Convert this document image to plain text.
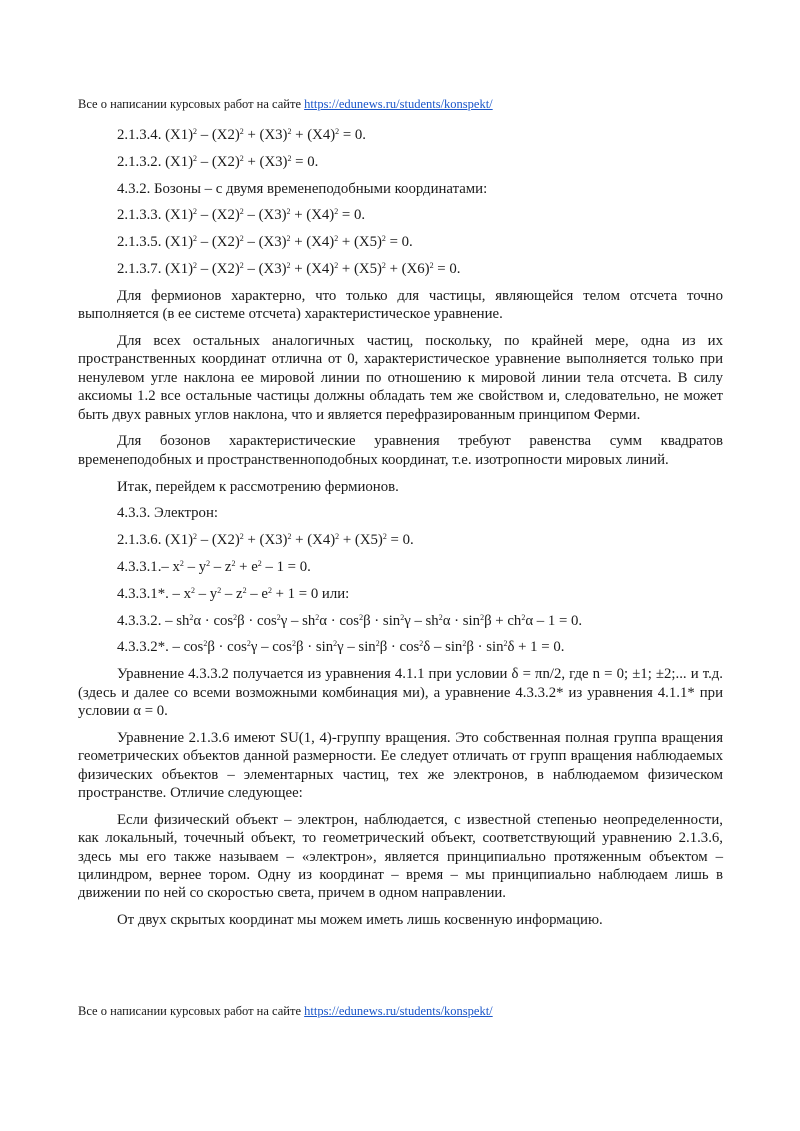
Все о написании курсовых работ на сайте https://edunews.ru/students/konspekt/
2.1.3.4. $(X1)^2 - (X2)^2 + (X3)^2 + (X4)^2 = 0$.
2.1.3.2. $(X1)^2 - (X2)^2 + (X3)^2 = 0$.
4.3.2. Бозоны – с двумя временеподобными координатами:
2.1.3.3. $(X1)^2 - (X2)^2 - (X3)^2 + (X4)^2 = 0$.
2.1.3.5. $(X1)^2 - (X2)^2 - (X3)^2 + (X4)^2 + (X5)^2 = 0$.
2.1.3.7. $(X1)^2 - (X2)^2 - (X3)^2 + (X4)^2 + (X5)^2 + (X6)^2 = 0$.

Для фермионов характерно, что только для частицы, являющейся телом отсчета точно выполняется (в ее системе отсчета) характеристическое уравнение.

Для всех остальных аналогичных частиц, поскольку, по крайней мере, одна из их пространственных координат отлична от 0, характеристическое уравнение выполняется только при ненулевом угле наклона ее мировой линии по отношению к мировой линии тела отсчета. В силу аксиомы 1.2 все остальные частицы должны обладать тем же свойством и, следовательно, не может быть двух равных углов наклона, что и является перефразированным принципом Ферми.

Для бозонов характеристические уравнения требуют равенства сумм квадратов временеподобных и пространственноподобных координат, т.е. изотропности мировых линий.

Итак, перейдем к рассмотрению фермионов.

4.3.3. Электрон:
2.1.3.6. $(X1)^2 - (X2)^2 + (X3)^2 + (X4)^2 + (X5)^2 = 0$.
4.3.3.1.– $x^2 - y^2 - z^2 + e^2 - 1 = 0$.
4.3.3.1*. – $x^2 - y^2 - z^2 - e^2 + 1 = 0$ или:
4.3.3.2. – $sh^2\alpha \cdot \cos^2\beta \cdot \cos^2\gamma - sh^2\alpha \cdot \cos^2\beta \cdot \sin^2\gamma - sh^2\alpha \cdot \sin^2\beta + ch^2\alpha - 1 = 0$.
4.3.3.2*. – $\cos^2\beta \cdot \cos^2\gamma - \cos^2\beta \cdot \sin^2\gamma - \sin^2\beta \cdot \cos^2\delta - \sin^2\beta \cdot \sin^2\delta + 1 = 0$.

Уравнение 4.3.3.2 получается из уравнения 4.1.1 при условии δ = πn/2, где n = 0; ±1; ±2;... и т.д. (здесь и далее со всеми возможными комбинация ми), а уравнение 4.3.3.2* из уравнения 4.1.1* при условии α = 0.

Уравнение 2.1.3.6 имеют SU(1, 4)-группу вращения. Это собственная полная группа вращения геометрических объектов данной размерности. Ее следует отличать от групп вращения наблюдаемых физических объектов – элементарных частиц, тех же электронов, в наблюдаемом физическом пространстве. Отличие следующее:

Если физический объект – электрон, наблюдается, с известной степенью неопределенности, как локальный, точечный объект, то геометрический объект, соответствующий уравнению 2.1.3.6, здесь мы его также называем – «электрон», является принципиально протяженным объектом – цилиндром, вернее тором. Одну из координат – время – мы принципиально наблюдаем лишь в движении по ней со скоростью света, причем в одном направлении.

От двух скрытых координат мы можем иметь лишь косвенную информацию.

Все о написании курсовых работ на сайте https://edunews.ru/students/konspekt/
